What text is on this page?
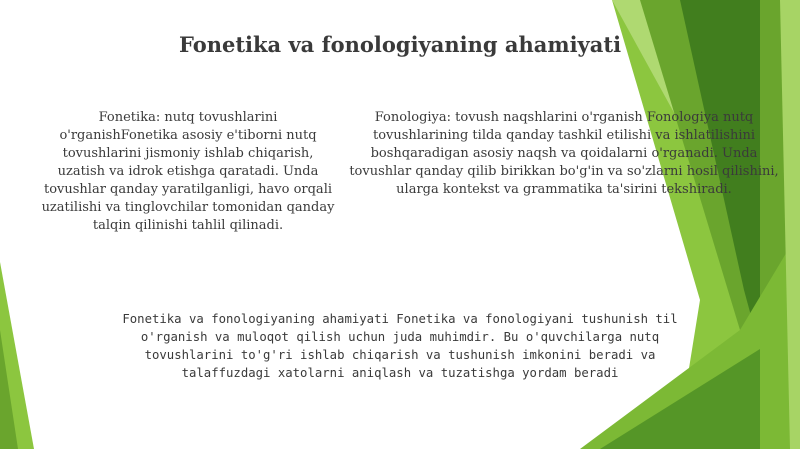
Fonetika va fonologiyaning ahamiyati
Fonetika: nutq tovushlarini o'rganishFonetika asosiy e'tiborni nutq tovushlarini jismoniy ishlab chiqarish, uzatish va idrok etishga qaratadi. Unda tovushlar qanday yaratilganligi, havo orqali uzatilishi va tinglovchilar tomonidan qanday talqin qilinishi tahlil qilinadi.
Fonologiya: tovush naqshlarini o'rganish Fonologiya nutq tovushlarining tilda qanday tashkil etilishi va ishlatilishini boshqaradigan asosiy naqsh va qoidalarni o'rganadi. Unda tovushlar qanday qilib birikkan bo'g'in va so'zlarni hosil qilishini, ularga kontekst va grammatika ta'sirini tekshiradi.
Fonetika va fonologiyaning ahamiyati Fonetika va fonologiyani tushunish til o'rganish va muloqot qilish uchun juda muhimdir. Bu o'quvchilarga nutq tovushlarini to'g'ri ishlab chiqarish va tushunish imkonini beradi va talaffuzdagi xatolarni aniqlash va tuzatishga yordam beradi
